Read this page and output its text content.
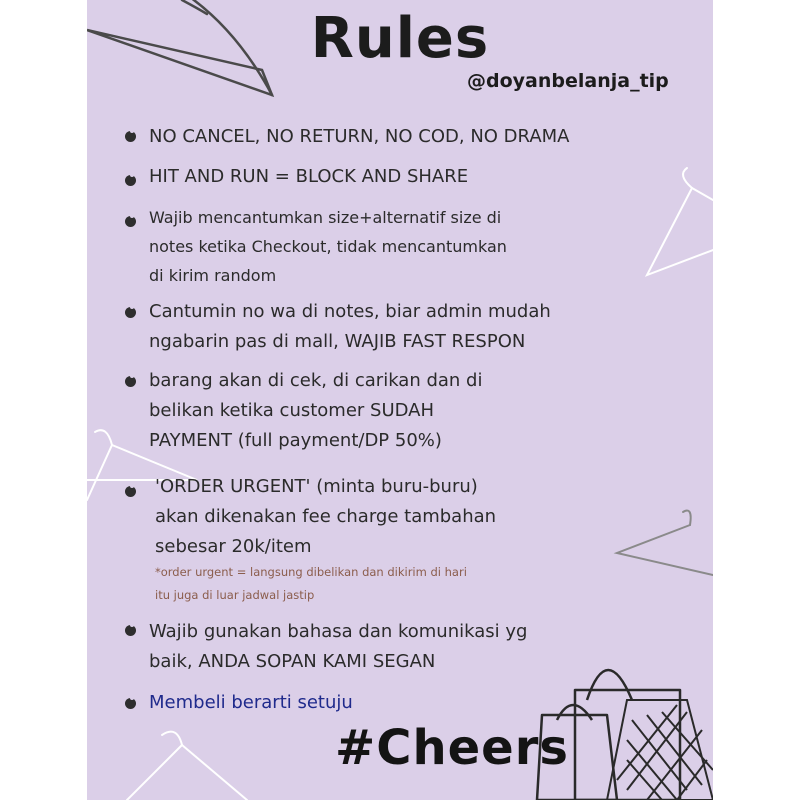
Rules
@doyanbelanja_tip
NO CANCEL, NO RETURN, NO COD, NO DRAMA
HIT AND RUN = BLOCK AND SHARE
Wajib mencantumkan size+alternatif size di
notes ketika Checkout, tidak mencantumkan
di kirim random
Cantumin no wa di notes, biar admin mudah
ngabarin pas di mall, WAJIB FAST RESPON
barang akan di cek, di carikan dan di
belikan ketika customer SUDAH
PAYMENT (full payment/DP 50%)
'ORDER URGENT' (minta buru-buru)
akan dikenakan fee charge tambahan
sebesar 20k/item
*order urgent = langsung dibelikan dan dikirim di hari
itu juga di luar jadwal jastip
Wajib gunakan bahasa dan komunikasi yg
baik, ANDA SOPAN KAMI SEGAN
Membeli berarti setuju
#Cheers
